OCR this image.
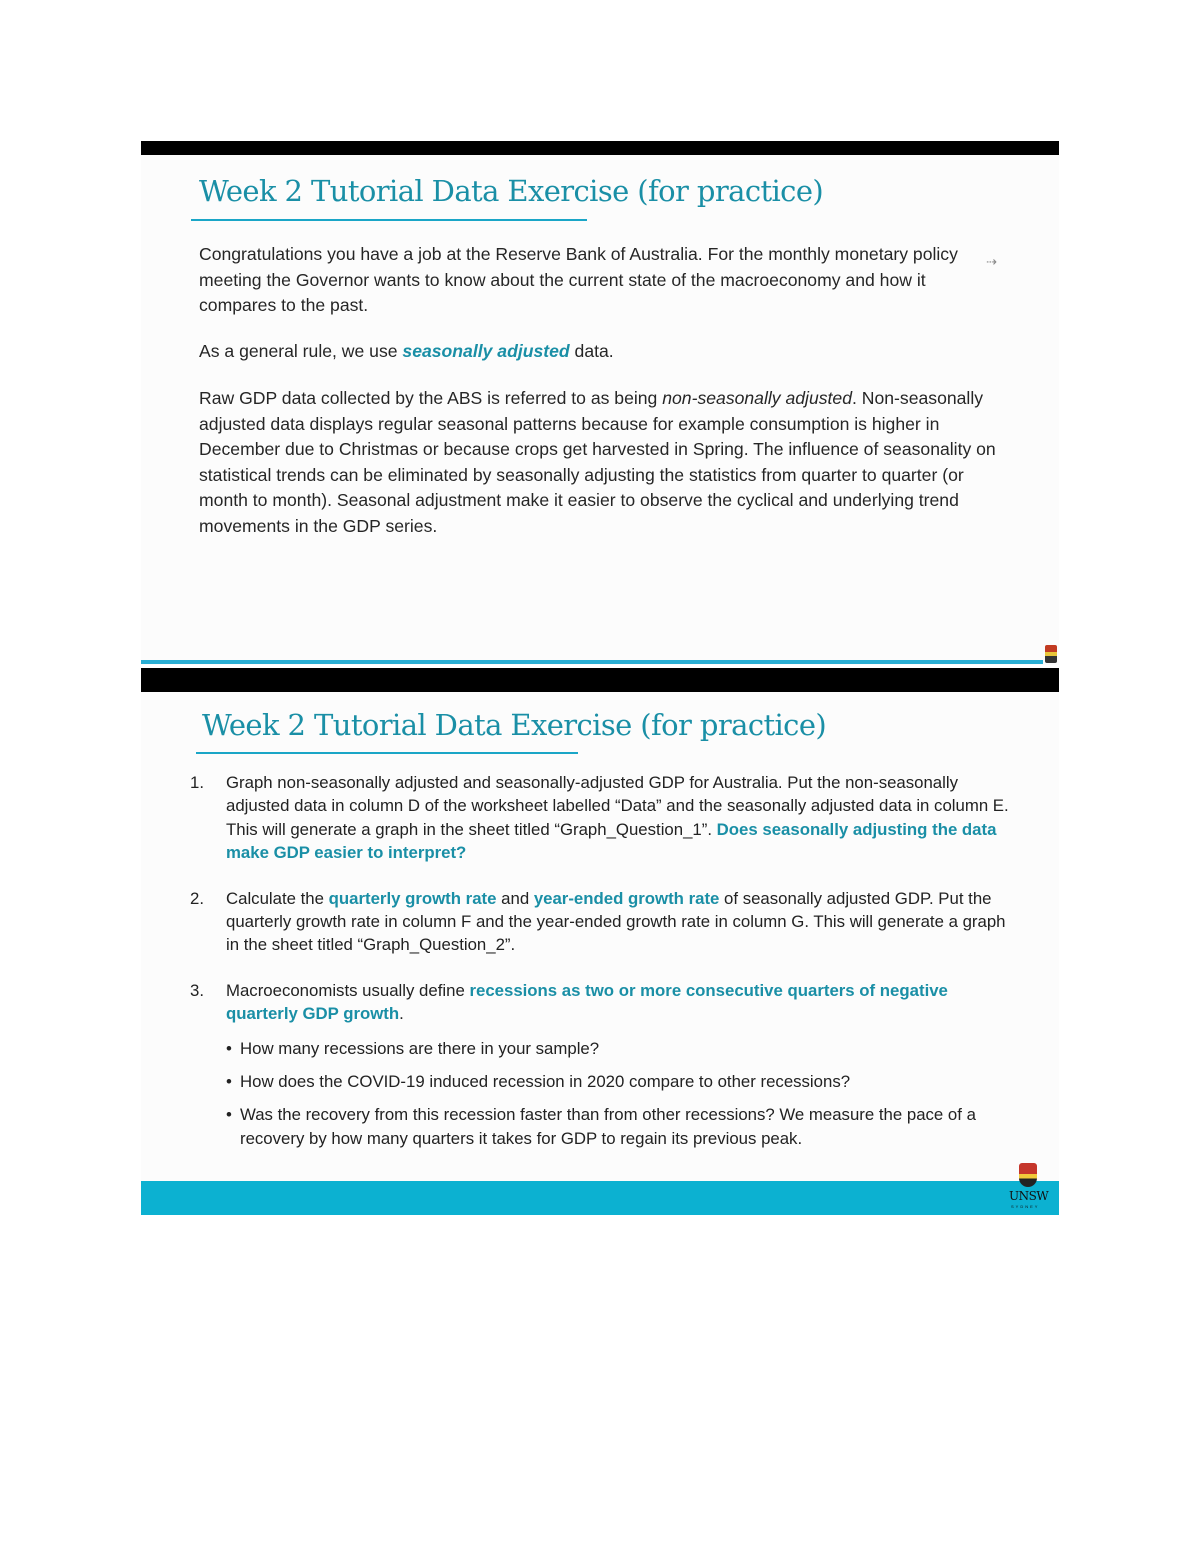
Week 2 Tutorial Data Exercise (for practice)
⇢
Congratulations you have a job at the Reserve Bank of Australia. For the monthly monetary policy meeting the Governor wants to know about the current state of the macroeconomy and how it compares to the past.
As a general rule, we use seasonally adjusted data.
Raw GDP data collected by the ABS is referred to as being non-seasonally adjusted. Non-seasonally adjusted data displays regular seasonal patterns because for example consumption is higher in December due to Christmas or because crops get harvested in Spring. The influence of seasonality on statistical trends can be eliminated by seasonally adjusting the statistics from quarter to quarter (or month to month). Seasonal adjustment make it easier to observe the cyclical and underlying trend movements in the GDP series.
Week 2 Tutorial Data Exercise (for practice)
1. Graph non-seasonally adjusted and seasonally-adjusted GDP for Australia. Put the non-seasonally adjusted data in column D of the worksheet labelled “Data” and the seasonally adjusted data in column E. This will generate a graph in the sheet titled “Graph_Question_1”. Does seasonally adjusting the data make GDP easier to interpret?
2. Calculate the quarterly growth rate and year-ended growth rate of seasonally adjusted GDP. Put the quarterly growth rate in column F and the year-ended growth rate in column G. This will generate a graph in the sheet titled “Graph_Question_2”.
3. Macroeconomists usually define recessions as two or more consecutive quarters of negative quarterly GDP growth.
• How many recessions are there in your sample?
• How does the COVID-19 induced recession in 2020 compare to other recessions?
• Was the recovery from this recession faster than from other recessions? We measure the pace of a recovery by how many quarters it takes for GDP to regain its previous peak.
UNSW
SYDNEY
